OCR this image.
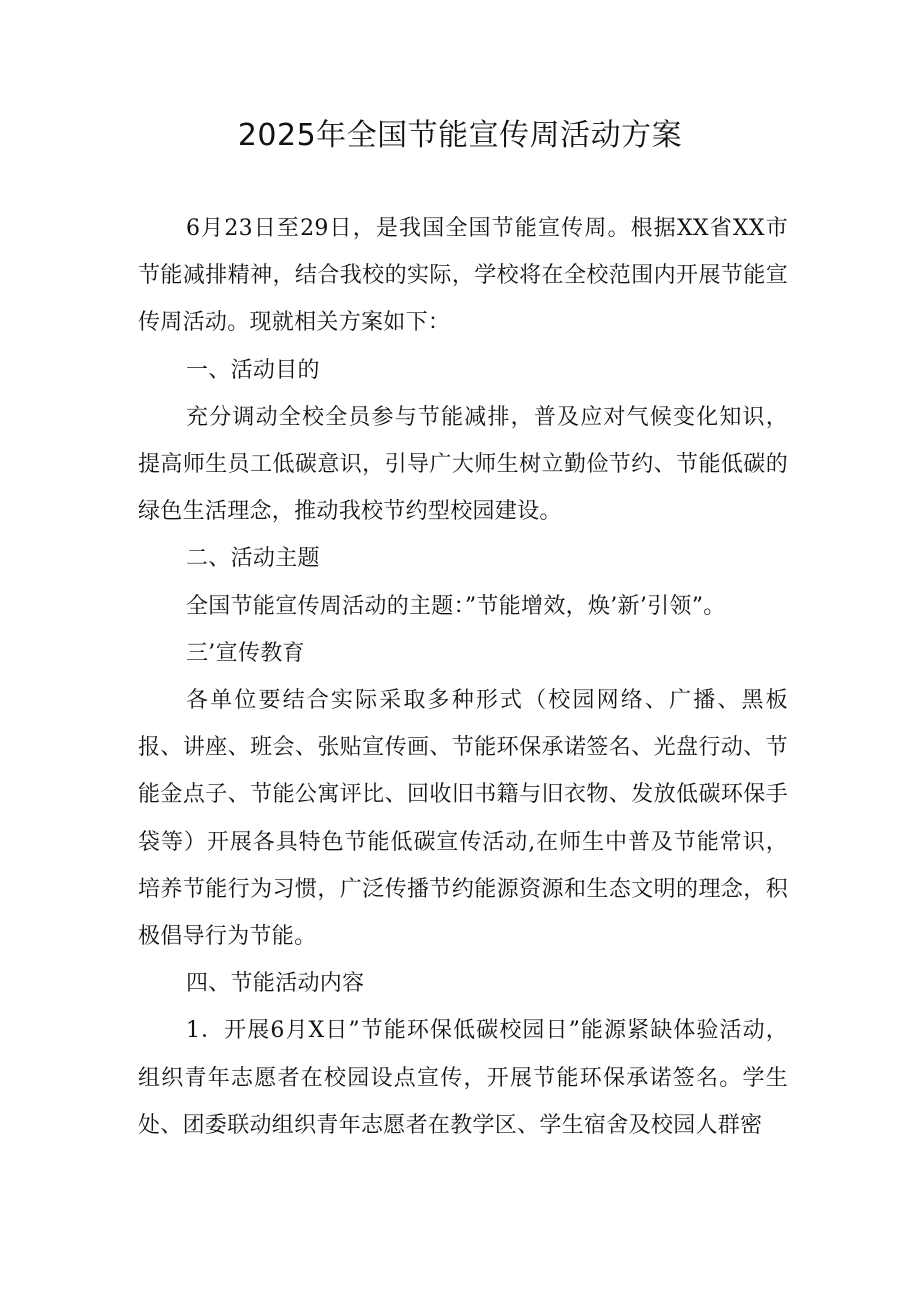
2025年全国节能宣传周活动方案

6月23日至29日，是我国全国节能宣传周。根据XX省XX市节能减排精神，结合我校的实际，学校将在全校范围内开展节能宣传周活动。现就相关方案如下：

一、活动目的

充分调动全校全员参与节能减排，普及应对气候变化知识，提高师生员工低碳意识，引导广大师生树立勤俭节约、节能低碳的绿色生活理念，推动我校节约型校园建设。

二、活动主题

全国节能宣传周活动的主题：”节能增效，焕’新’引领”。

三’宣传教育

各单位要结合实际采取多种形式（校园网络、广播、黑板报、讲座、班会、张贴宣传画、节能环保承诺签名、光盘行动、节能金点子、节能公寓评比、回收旧书籍与旧衣物、发放低碳环保手袋等）开展各具特色节能低碳宣传活动,在师生中普及节能常识，培养节能行为习惯，广泛传播节约能源资源和生态文明的理念，积极倡导行为节能。

四、节能活动内容

1．开展6月X日”节能环保低碳校园日”能源紧缺体验活动，组织青年志愿者在校园设点宣传，开展节能环保承诺签名。学生处、团委联动组织青年志愿者在教学区、学生宿舍及校园人群密
